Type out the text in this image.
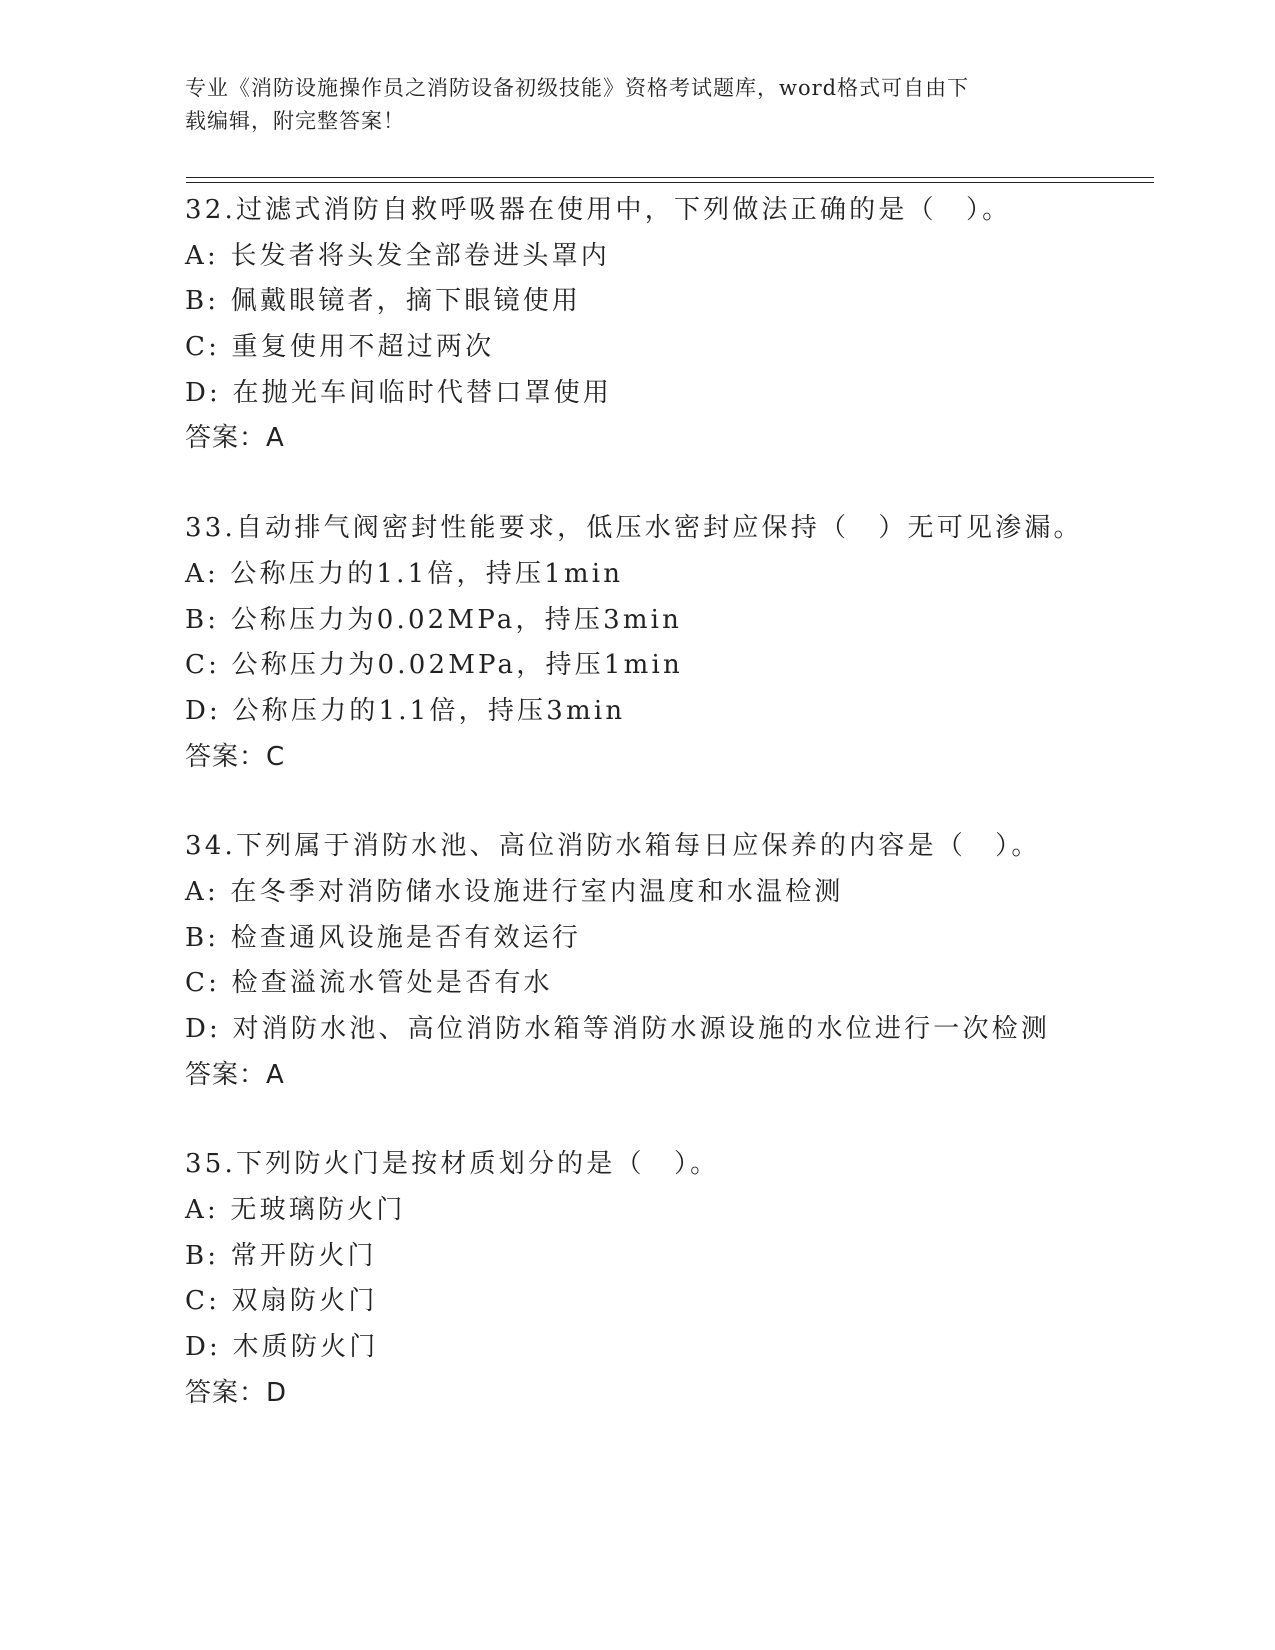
专业《消防设施操作员之消防设备初级技能》资格考试题库，word格式可自由下
载编辑，附完整答案！
32.过滤式消防自救呼吸器在使用中，下列做法正确的是（　）。
A: 长发者将头发全部卷进头罩内
B: 佩戴眼镜者，摘下眼镜使用
C: 重复使用不超过两次
D: 在抛光车间临时代替口罩使用
答案：A
33.自动排气阀密封性能要求，低压水密封应保持（　）无可见渗漏。
A: 公称压力的1.1倍，持压1min
B: 公称压力为0.02MPa，持压3min
C: 公称压力为0.02MPa，持压1min
D: 公称压力的1.1倍，持压3min
答案：C
34.下列属于消防水池、高位消防水箱每日应保养的内容是（　）。
A: 在冬季对消防储水设施进行室内温度和水温检测
B: 检查通风设施是否有效运行
C: 检查溢流水管处是否有水
D: 对消防水池、高位消防水箱等消防水源设施的水位进行一次检测
答案：A
35.下列防火门是按材质划分的是（　）。
A: 无玻璃防火门
B: 常开防火门
C: 双扇防火门
D: 木质防火门
答案：D
